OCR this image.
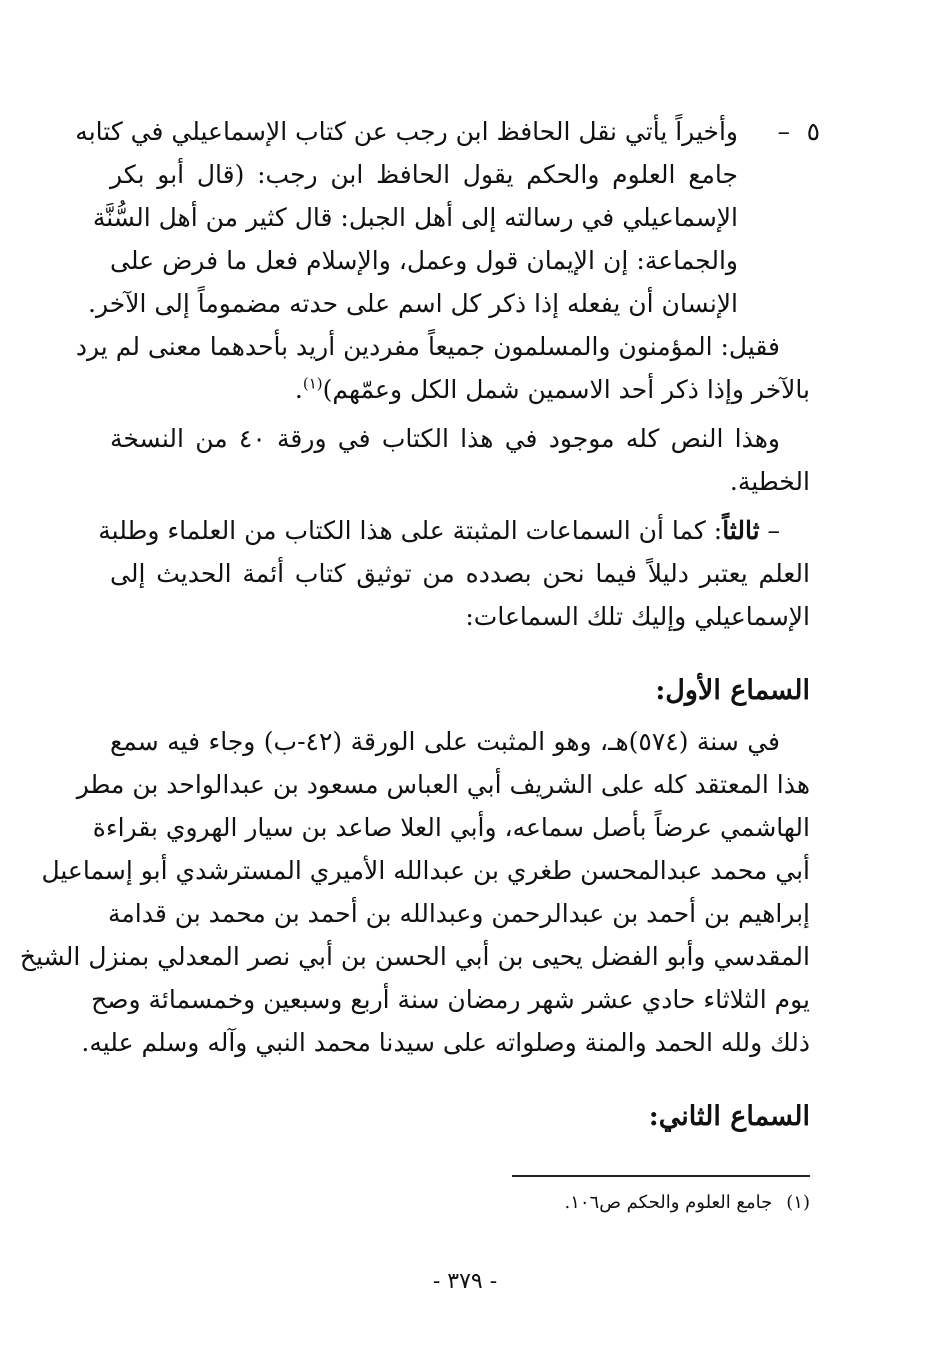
٥
–
وأخيراً يأتي نقل الحافظ ابن رجب عن كتاب الإسماعيلي في كتابه
جامع العلوم والحكم يقول الحافظ ابن رجب: (قال أبو بكر
الإسماعيلي في رسالته إلى أهل الجبل: قال كثير من أهل السُّنَّة
والجماعة: إن الإيمان قول وعمل، والإسلام فعل ما فرض على
الإنسان أن يفعله إذا ذكر كل اسم على حدته مضموماً إلى الآخر.
فقيل: المؤمنون والمسلمون جميعاً مفردين أريد بأحدهما معنى لم يرد
بالآخر وإذا ذكر أحد الاسمين شمل الكل وعمّهم)$^{(١)}$.
وهذا النص كله موجود في هذا الكتاب في ورقة ٤٠ من النسخة
الخطية.
– ثالثاً: كما أن السماعات المثبتة على هذا الكتاب من العلماء وطلبة
العلم يعتبر دليلاً فيما نحن بصدده من توثيق كتاب أئمة الحديث إلى
الإسماعيلي وإليك تلك السماعات:
السماع الأول:
في سنة (٥٧٤)هـ، وهو المثبت على الورقة (٤٢-ب) وجاء فيه سمع
هذا المعتقد كله على الشريف أبي العباس مسعود بن عبدالواحد بن مطر
الهاشمي عرضاً بأصل سماعه، وأبي العلا صاعد بن سيار الهروي بقراءة
أبي محمد عبدالمحسن طغري بن عبدالله الأميري المسترشدي أبو إسماعيل
إبراهيم بن أحمد بن عبدالرحمن وعبدالله بن أحمد بن محمد بن قدامة
المقدسي وأبو الفضل يحيى بن أبي الحسن بن أبي نصر المعدلي بمنزل الشيخ
يوم الثلاثاء حادي عشر شهر رمضان سنة أربع وسبعين وخمسمائة وصح
ذلك ولله الحمد والمنة وصلواته على سيدنا محمد النبي وآله وسلم عليه.
السماع الثاني:
(١)جامع العلوم والحكم ص١٠٦.
- ٣٧٩ -
